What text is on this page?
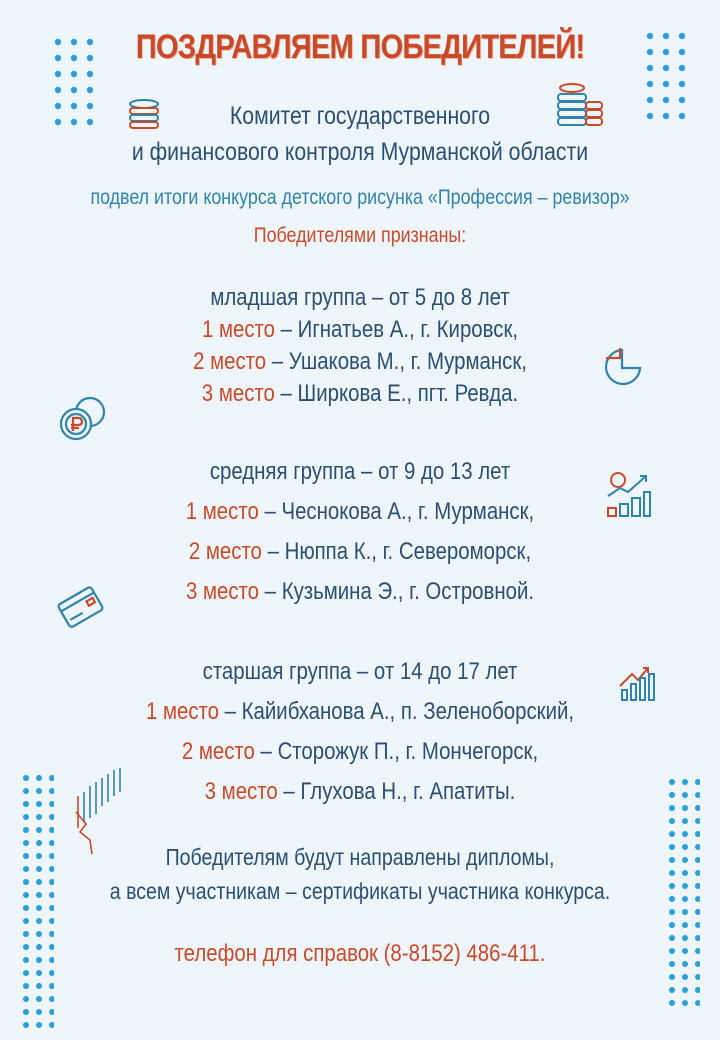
ПОЗДРАВЛЯЕМ ПОБЕДИТЕЛЕЙ!
Комитет государственного
и финансового контроля Мурманской области
подвел итоги конкурса детского рисунка «Профессия – ревизор»
Победителями признаны:
младшая группа – от 5 до 8 лет
1 место – Игнатьев А., г. Кировск,
2 место – Ушакова М., г. Мурманск,
3 место – Ширкова Е., пгт. Ревда.
средняя группа – от 9 до 13 лет
1 место – Чеснокова А., г. Мурманск,
2 место – Нюппа К., г. Североморск,
3 место – Кузьмина Э., г. Островной.
старшая группа – от 14 до 17 лет
1 место – Кайибханова А., п. Зеленоборский,
2 место – Сторожук П., г. Мончегорск,
3 место – Глухова Н., г. Апатиты.
Победителям будут направлены дипломы,
а всем участникам – сертификаты участника конкурса.
телефон для справок (8-8152) 486-411.
